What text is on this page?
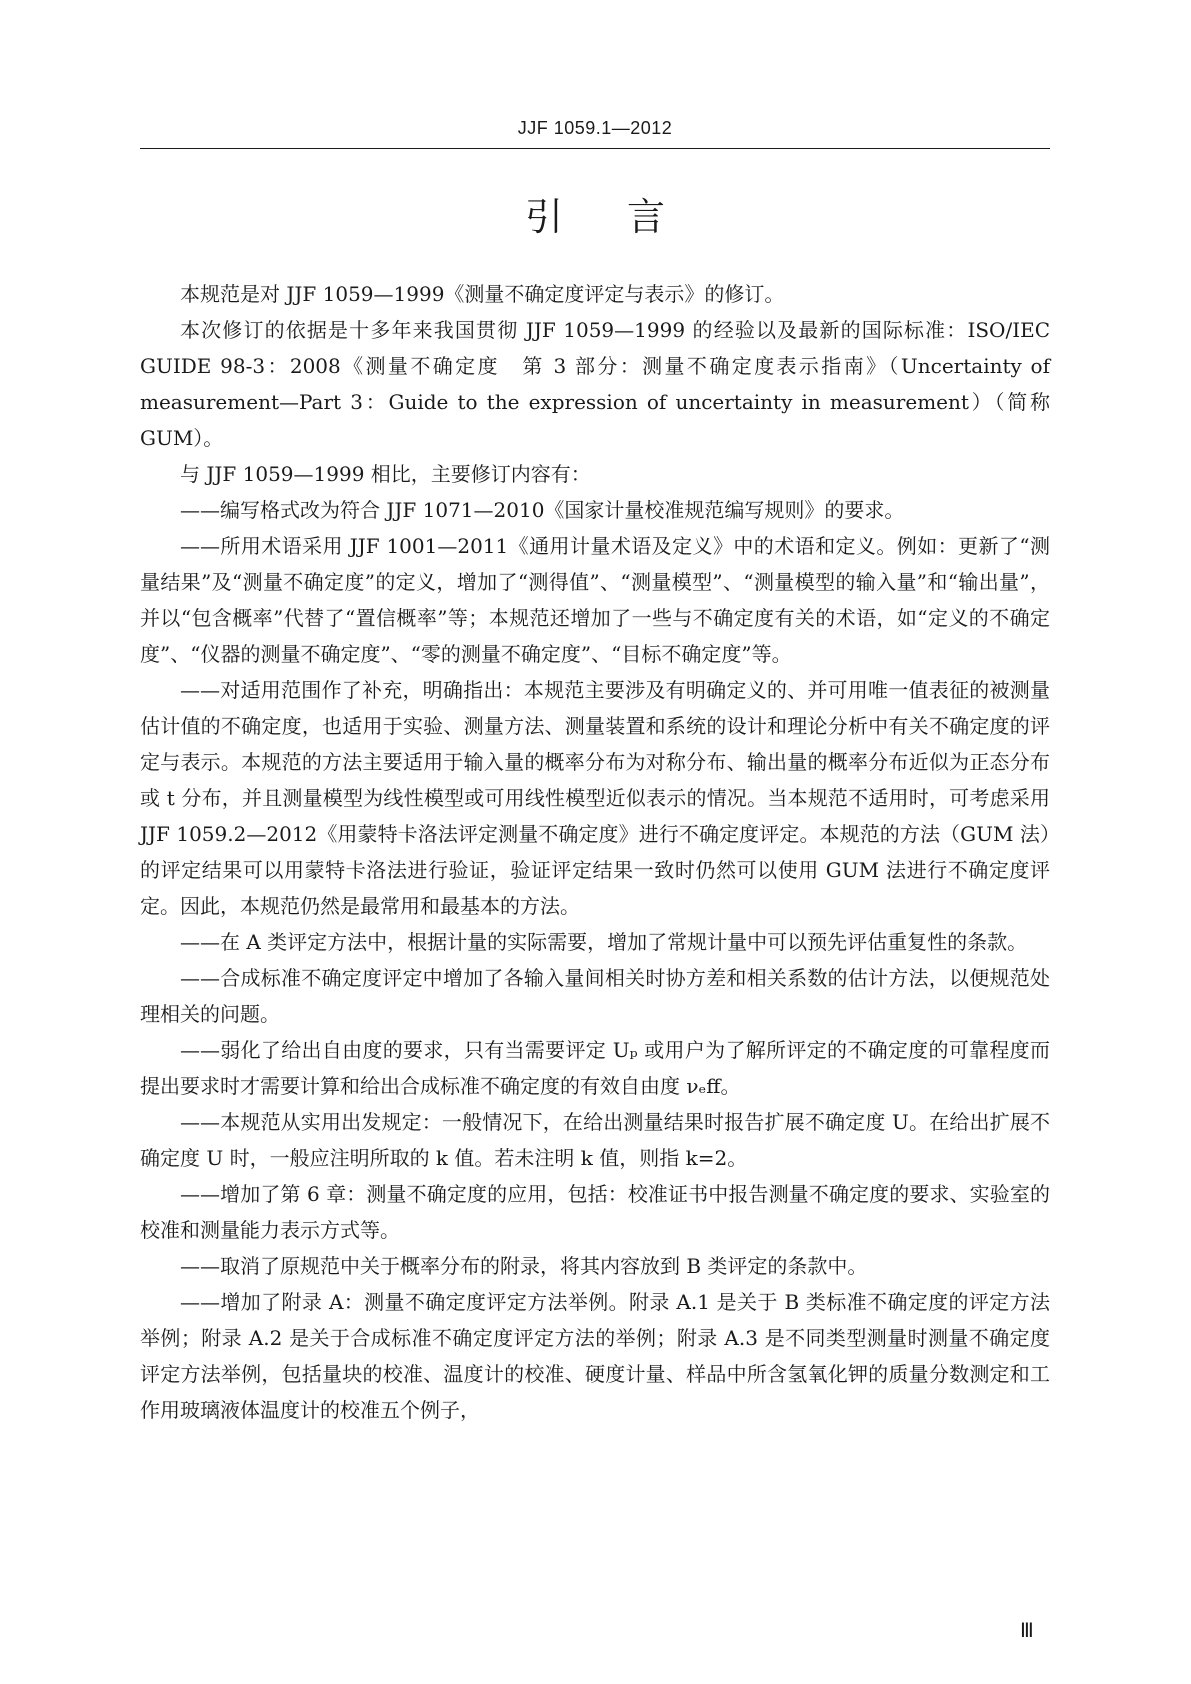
JJF 1059.1—2012
引言

本规范是对 JJF 1059—1999《测量不确定度评定与表示》的修订。

本次修订的依据是十多年来我国贯彻 JJF 1059—1999 的经验以及最新的国际标准：ISO/IEC GUIDE 98-3：2008《测量不确定度　第 3 部分：测量不确定度表示指南》（Uncertainty of measurement—Part 3：Guide to the expression of uncertainty in measurement）（简称 GUM）。

与 JJF 1059—1999 相比，主要修订内容有：

——编写格式改为符合 JJF 1071—2010《国家计量校准规范编写规则》的要求。

——所用术语采用 JJF 1001—2011《通用计量术语及定义》中的术语和定义。例如：更新了“测量结果”及“测量不确定度”的定义，增加了“测得值”、“测量模型”、“测量模型的输入量”和“输出量”，并以“包含概率”代替了“置信概率”等；本规范还增加了一些与不确定度有关的术语，如“定义的不确定度”、“仪器的测量不确定度”、“零的测量不确定度”、“目标不确定度”等。

——对适用范围作了补充，明确指出：本规范主要涉及有明确定义的、并可用唯一值表征的被测量估计值的不确定度，也适用于实验、测量方法、测量装置和系统的设计和理论分析中有关不确定度的评定与表示。本规范的方法主要适用于输入量的概率分布为对称分布、输出量的概率分布近似为正态分布或 t 分布，并且测量模型为线性模型或可用线性模型近似表示的情况。当本规范不适用时，可考虑采用 JJF 1059.2—2012《用蒙特卡洛法评定测量不确定度》进行不确定度评定。本规范的方法（GUM 法）的评定结果可以用蒙特卡洛法进行验证，验证评定结果一致时仍然可以使用 GUM 法进行不确定度评定。因此，本规范仍然是最常用和最基本的方法。

——在 A 类评定方法中，根据计量的实际需要，增加了常规计量中可以预先评估重复性的条款。

——合成标准不确定度评定中增加了各输入量间相关时协方差和相关系数的估计方法，以便规范处理相关的问题。

——弱化了给出自由度的要求，只有当需要评定 Uₚ 或用户为了解所评定的不确定度的可靠程度而提出要求时才需要计算和给出合成标准不确定度的有效自由度 νₑff。

——本规范从实用出发规定：一般情况下，在给出测量结果时报告扩展不确定度 U。在给出扩展不确定度 U 时，一般应注明所取的 k 值。若未注明 k 值，则指 k=2。

——增加了第 6 章：测量不确定度的应用，包括：校准证书中报告测量不确定度的要求、实验室的校准和测量能力表示方式等。

——取消了原规范中关于概率分布的附录，将其内容放到 B 类评定的条款中。

——增加了附录 A：测量不确定度评定方法举例。附录 A.1 是关于 B 类标准不确定度的评定方法举例；附录 A.2 是关于合成标准不确定度评定方法的举例；附录 A.3 是不同类型测量时测量不确定度评定方法举例，包括量块的校准、温度计的校准、硬度计量、样品中所含氢氧化钾的质量分数测定和工作用玻璃液体温度计的校准五个例子，

Ⅲ
